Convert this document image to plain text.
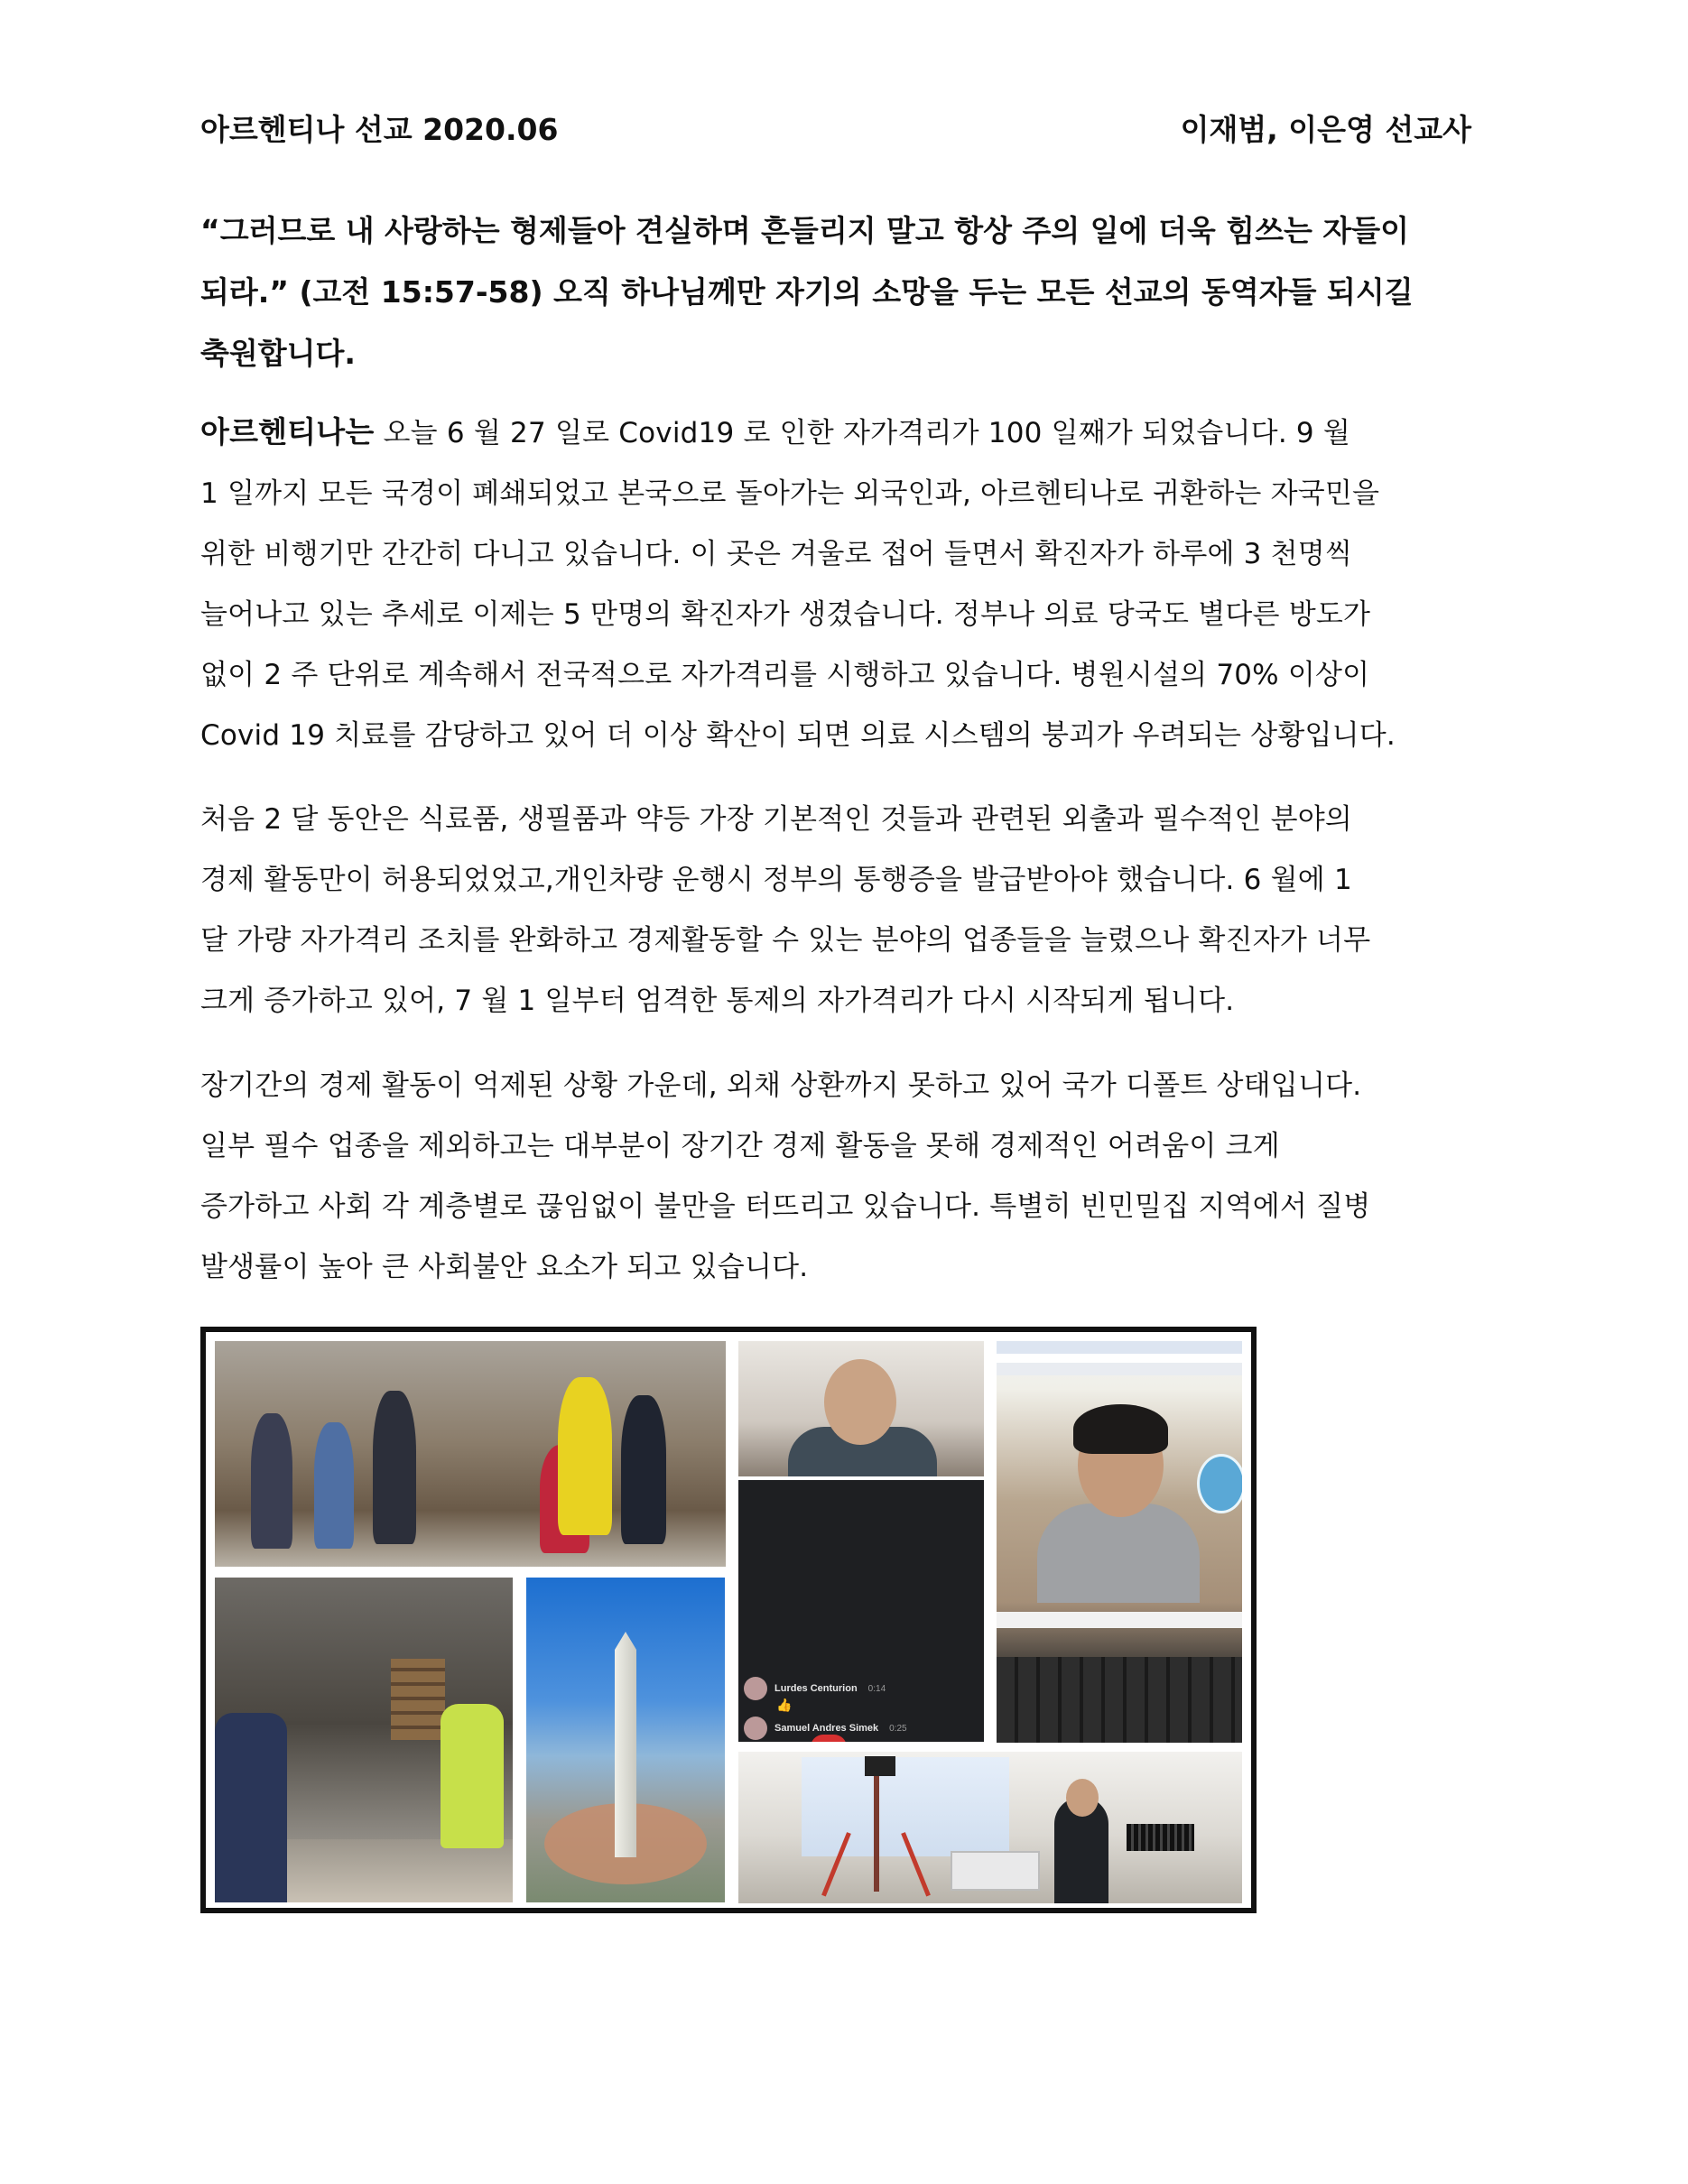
아르헨티나 선교 2020.06	이재범, 이은영 선교사
“그러므로 내 사랑하는 형제들아 견실하며 흔들리지 말고 항상 주의 일에 더욱 힘쓰는 자들이
되라.” (고전 15:57-58) 오직 하나님께만 자기의 소망을 두는 모든 선교의 동역자들 되시길
축원합니다.
아르헨티나는 오늘 6 월 27 일로 Covid19 로 인한 자가격리가 100 일째가 되었습니다. 9 월
1 일까지 모든 국경이 폐쇄되었고 본국으로 돌아가는 외국인과, 아르헨티나로 귀환하는 자국민을
위한 비행기만 간간히 다니고 있습니다. 이 곳은 겨울로 접어 들면서 확진자가 하루에 3 천명씩
늘어나고 있는 추세로 이제는 5 만명의 확진자가 생겼습니다. 정부나 의료 당국도 별다른 방도가
없이 2 주 단위로 계속해서 전국적으로 자가격리를 시행하고 있습니다. 병원시설의 70% 이상이
Covid 19 치료를 감당하고 있어 더 이상 확산이 되면 의료 시스템의 붕괴가 우려되는 상황입니다.
처음 2 달 동안은 식료품, 생필품과 약등 가장 기본적인 것들과 관련된 외출과 필수적인 분야의
경제 활동만이 허용되었었고,개인차량 운행시 정부의 통행증을 발급받아야 했습니다. 6 월에 1
달 가량 자가격리 조치를 완화하고 경제활동할 수 있는 분야의 업종들을 늘렸으나 확진자가 너무
크게 증가하고 있어, 7 월 1 일부터 엄격한 통제의 자가격리가 다시 시작되게 됩니다.
장기간의 경제 활동이 억제된 상황 가운데, 외채 상환까지 못하고 있어 국가 디폴트 상태입니다.
일부 필수 업종을 제외하고는 대부분이 장기간 경제 활동을 못해 경제적인 어려움이 크게
증가하고 사회 각 계층별로 끊임없이 불만을 터뜨리고 있습니다. 특별히 빈민밀집 지역에서 질병
발생률이 높아 큰 사회불안 요소가 되고 있습니다.
Lurdes Centurion 0:14
👍
Samuel Andres Simek 0:25
